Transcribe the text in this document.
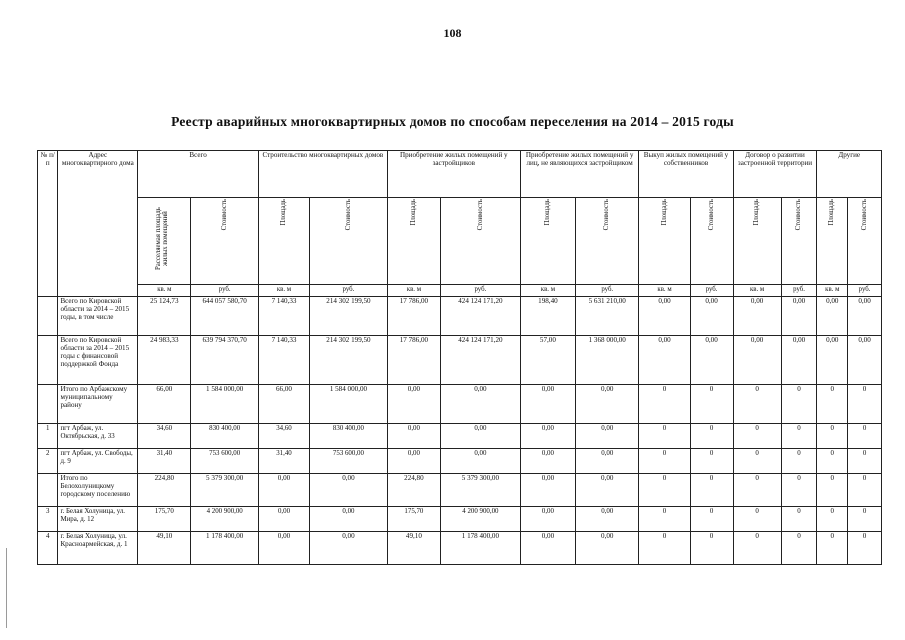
108
Реестр аварийных многоквартирных домов по способам переселения на 2014 – 2015 годы
№ п/п	Адрес многоквартирного дома	Всего		Строительство многоквартирных домов		Приобретение жилых помещений у застройщиков		Приобретение жилых помещений у лиц, не являющихся застройщиком		Выкуп жилых помещений у собственников		Договор о развитии застроенной территории		Другие	
		Расселяемая площадь жилых помещений	Стоимость	Площадь	Стоимость	Площадь	Стоимость	Площадь	Стоимость	Площадь	Стоимость	Площадь	Стоимость	Площадь	Стоимость
		кв. м	руб.	кв. м	руб.	кв. м	руб.	кв. м	руб.	кв. м	руб.	кв. м	руб.	кв. м	руб.
	Всего по Кировской области за 2014 – 2015 годы, в том числе	25 124,73	644 057 580,70	7 140,33	214 302 199,50	17 786,00	424 124 171,20	198,40	5 631 210,00	0,00	0,00	0,00	0,00	0,00	0,00
	Всего по Кировской области за 2014 – 2015 годы с финансовой поддержкой Фонда	24 983,33	639 794 370,70	7 140,33	214 302 199,50	17 786,00	424 124 171,20	57,00	1 368 000,00	0,00	0,00	0,00	0,00	0,00	0,00
	Итого по Арбажскому муниципальному району	66,00	1 584 000,00	66,00	1 584 000,00	0,00	0,00	0,00	0,00	0	0	0	0	0	0
1	пгт Арбаж, ул. Октябрьская, д. 33	34,60	830 400,00	34,60	830 400,00	0,00	0,00	0,00	0,00	0	0	0	0	0	0
2	пгт Арбаж, ул. Свободы, д. 9	31,40	753 600,00	31,40	753 600,00	0,00	0,00	0,00	0,00	0	0	0	0	0	0
	Итого по Белохолуницкому городскому поселению	224,80	5 379 300,00	0,00	0,00	224,80	5 379 300,00	0,00	0,00	0	0	0	0	0	0
3	г. Белая Холуница, ул. Мира, д. 12	175,70	4 200 900,00	0,00	0,00	175,70	4 200 900,00	0,00	0,00	0	0	0	0	0	0
4	г. Белая Холуница, ул. Красноармейская, д. 1	49,10	1 178 400,00	0,00	0,00	49,10	1 178 400,00	0,00	0,00	0	0	0	0	0	0
